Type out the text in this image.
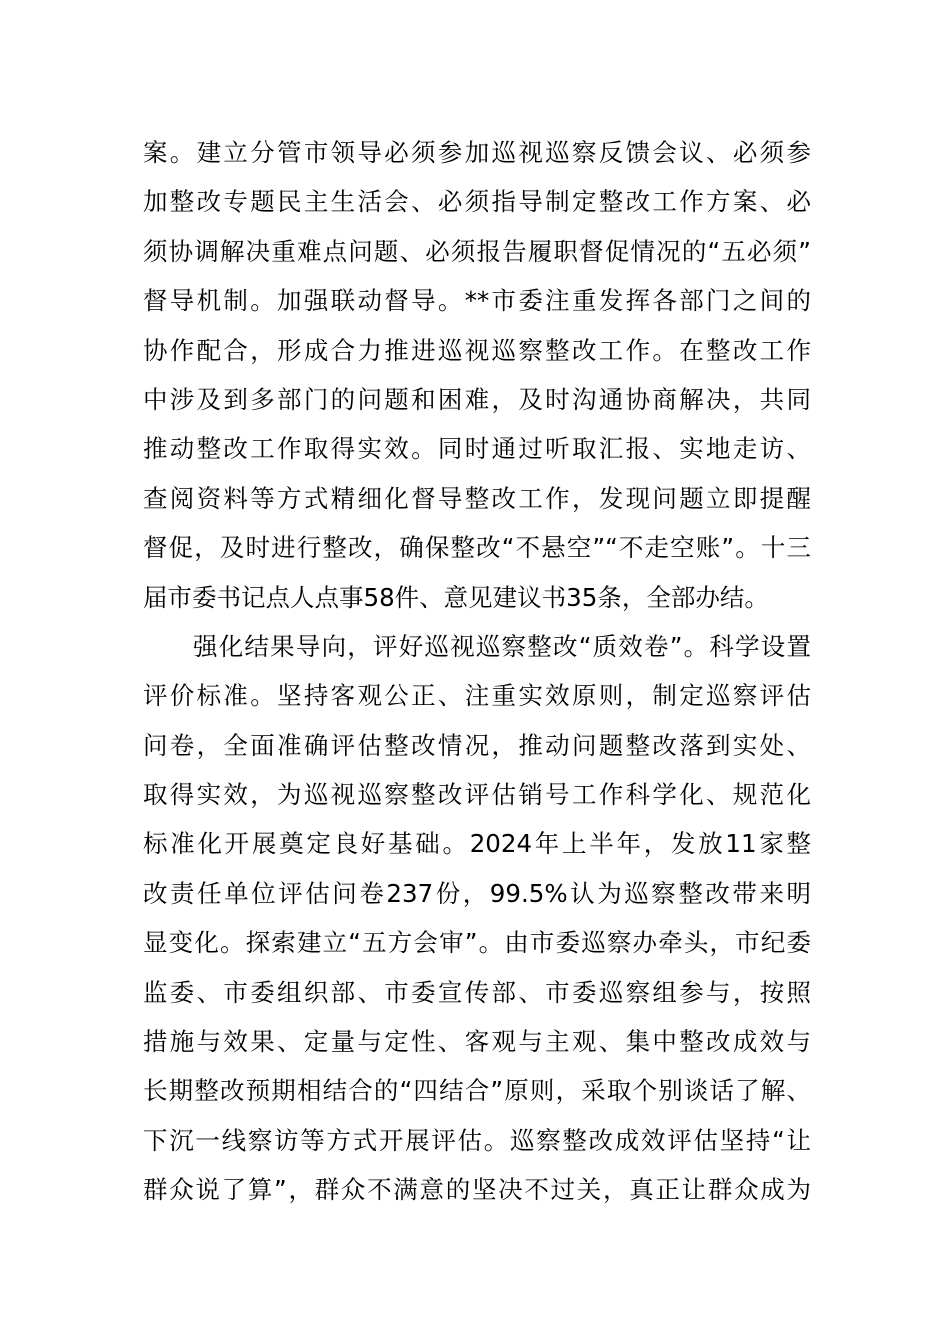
案。建立分管市领导必须参加巡视巡察反馈会议、必须参
加整改专题民主生活会、必须指导制定整改工作方案、必
须协调解决重难点问题、必须报告履职督促情况的“五必须”
督导机制。加强联动督导。**市委注重发挥各部门之间的
协作配合，形成合力推进巡视巡察整改工作。在整改工作
中涉及到多部门的问题和困难，及时沟通协商解决，共同
推动整改工作取得实效。同时通过听取汇报、实地走访、
查阅资料等方式精细化督导整改工作，发现问题立即提醒
督促，及时进行整改，确保整改“不悬空”“不走空账”。十三
届市委书记点人点事58件、意见建议书35条，全部办结。
强化结果导向，评好巡视巡察整改“质效卷”。科学设置
评价标准。坚持客观公正、注重实效原则，制定巡察评估
问卷，全面准确评估整改情况，推动问题整改落到实处、
取得实效，为巡视巡察整改评估销号工作科学化、规范化
标准化开展奠定良好基础。2024年上半年，发放11家整
改责任单位评估问卷237份，99.5%认为巡察整改带来明
显变化。探索建立“五方会审”。由市委巡察办牵头，市纪委
监委、市委组织部、市委宣传部、市委巡察组参与，按照
措施与效果、定量与定性、客观与主观、集中整改成效与
长期整改预期相结合的“四结合”原则，采取个别谈话了解、
下沉一线察访等方式开展评估。巡察整改成效评估坚持“让
群众说了算”，群众不满意的坚决不过关，真正让群众成为
